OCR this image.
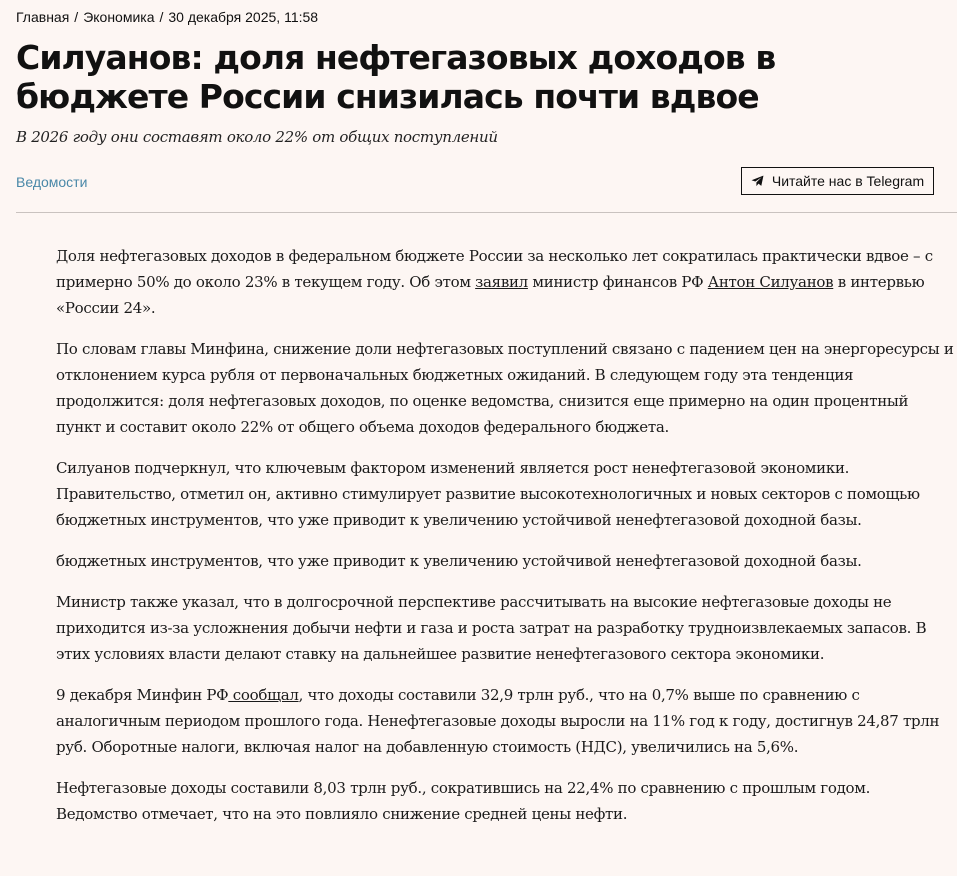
Главная / Экономика / 30 декабря 2025, 11:58
Силуанов: доля нефтегазовых доходов в бюджете России снизилась почти вдвое

В 2026 году они составят около 22% от общих поступлений

Ведомости	Читайте нас в Telegram

Доля нефтегазовых доходов в федеральном бюджете России за несколько лет сократилась практически вдвое – с примерно 50% до около 23% в текущем году. Об этом заявил министр финансов РФ Антон Силуанов в интервью «России 24».

По словам главы Минфина, снижение доли нефтегазовых поступлений связано с падением цен на энергоресурсы и отклонением курса рубля от первоначальных бюджетных ожиданий. В следующем году эта тенденция продолжится: доля нефтегазовых доходов, по оценке ведомства, снизится еще примерно на один процентный пункт и составит около 22% от общего объема доходов федерального бюджета.

Силуанов подчеркнул, что ключевым фактором изменений является рост ненефтегазовой экономики. Правительство, отметил он, активно стимулирует развитие высокотехнологичных и новых секторов с помощью бюджетных инструментов, что уже приводит к увеличению устойчивой ненефтегазовой доходной базы.

бюджетных инструментов, что уже приводит к увеличению устойчивой ненефтегазовой доходной базы.

Министр также указал, что в долгосрочной перспективе рассчитывать на высокие нефтегазовые доходы не приходится из-за усложнения добычи нефти и газа и роста затрат на разработку трудноизвлекаемых запасов. В этих условиях власти делают ставку на дальнейшее развитие ненефтегазового сектора экономики.

9 декабря Минфин РФ сообщал, что доходы составили 32,9 трлн руб., что на 0,7% выше по сравнению с аналогичным периодом прошлого года. Ненефтегазовые доходы выросли на 11% год к году, достигнув 24,87 трлн руб. Оборотные налоги, включая налог на добавленную стоимость (НДС), увеличились на 5,6%.

Нефтегазовые доходы составили 8,03 трлн руб., сократившись на 22,4% по сравнению с прошлым годом. Ведомство отмечает, что на это повлияло снижение средней цены нефти.
